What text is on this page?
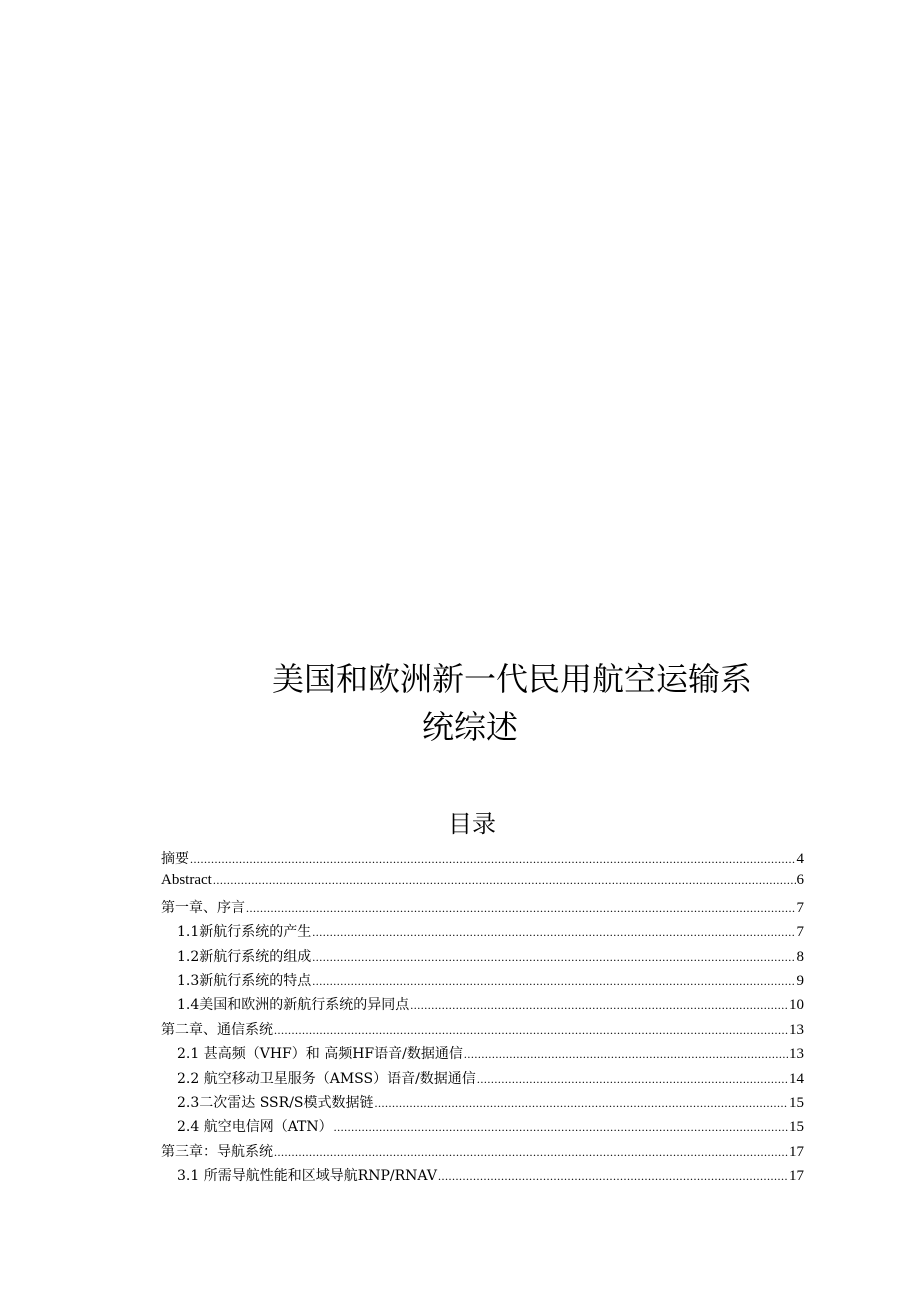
美国和欧洲新一代民用航空运输系
统综述
目录
摘要 .....	4
Abstract .....	6
第一章、序言 .....	7
1.1新航行系统的产生 .....	7
1.2新航行系统的组成 .....	8
1.3新航行系统的特点 .....	9
1.4美国和欧洲的新航行系统的异同点 .....	10
第二章、通信系统 .....	13
2.1 甚高频（VHF）和 高频HF语音/数据通信 .....	13
2.2 航空移动卫星服务（AMSS）语音/数据通信 .....	14
2.3二次雷达 SSR/S模式数据链 .....	15
2.4 航空电信网（ATN） .....	15
第三章：导航系统 .....	17
3.1 所需导航性能和区域导航RNP/RNAV .....	17
